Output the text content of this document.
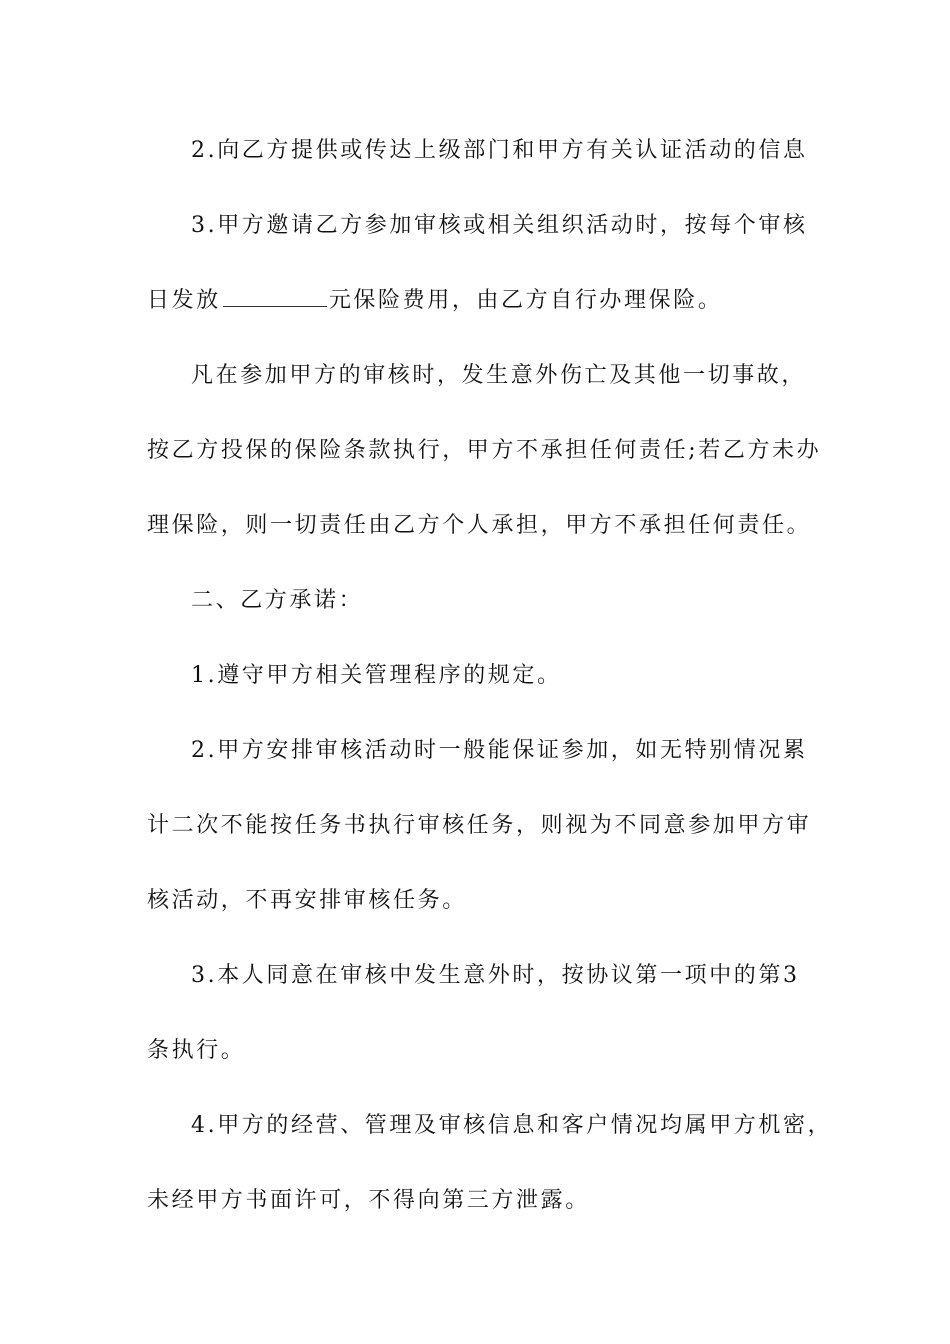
2.向乙方提供或传达上级部门和甲方有关认证活动的信息
3.甲方邀请乙方参加审核或相关组织活动时，按每个审核
日发放	元保险费用，由乙方自行办理保险。
凡在参加甲方的审核时，发生意外伤亡及其他一切事故，
按乙方投保的保险条款执行，甲方不承担任何责任;若乙方未办
理保险，则一切责任由乙方个人承担，甲方不承担任何责任。
二、乙方承诺：
1.遵守甲方相关管理程序的规定。
2.甲方安排审核活动时一般能保证参加，如无特别情况累
计二次不能按任务书执行审核任务，则视为不同意参加甲方审
核活动，不再安排审核任务。
3.本人同意在审核中发生意外时，按协议第一项中的第3
条执行。
4.甲方的经营、管理及审核信息和客户情况均属甲方机密，
未经甲方书面许可，不得向第三方泄露。
